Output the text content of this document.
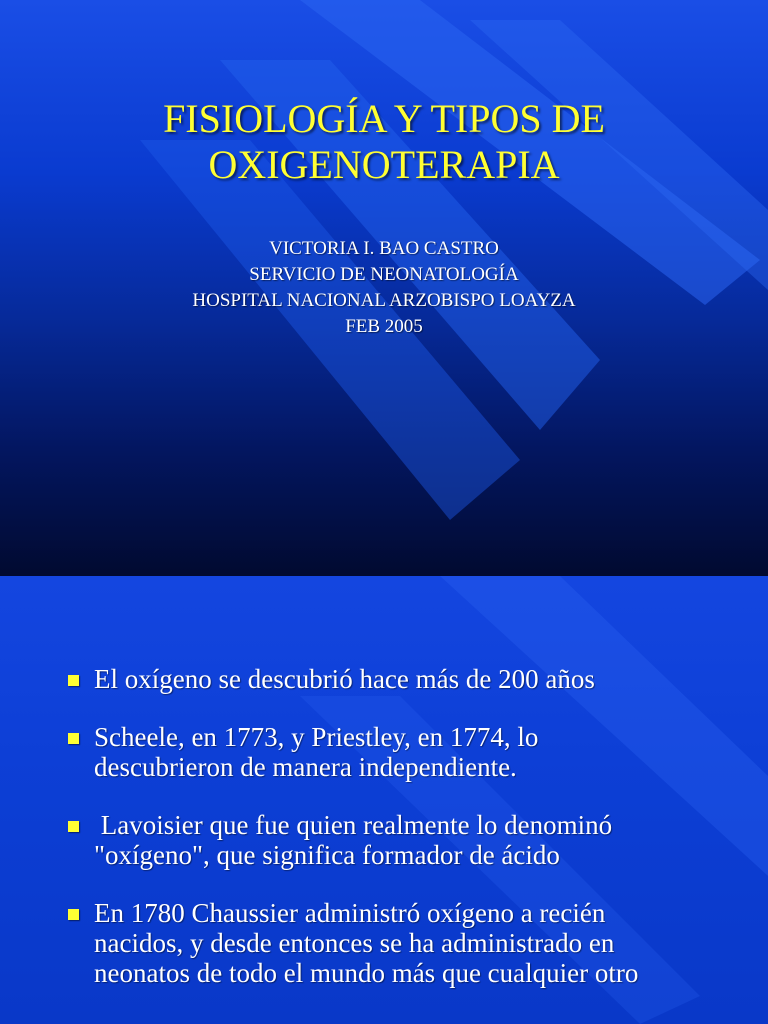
FISIOLOGÍA Y TIPOS DE
OXIGENOTERAPIA
VICTORIA I. BAO CASTRO
SERVICIO DE NEONATOLOGÍA
HOSPITAL NACIONAL ARZOBISPO LOAYZA
FEB 2005
El oxígeno se descubrió hace más de 200 años
Scheele, en 1773, y Priestley, en 1774, lo
descubrieron de manera independiente.
Lavoisier que fue quien realmente lo denominó
"oxígeno", que significa formador de ácido
En 1780 Chaussier administró oxígeno a recién
nacidos, y desde entonces se ha administrado en
neonatos de todo el mundo más que cualquier otro
